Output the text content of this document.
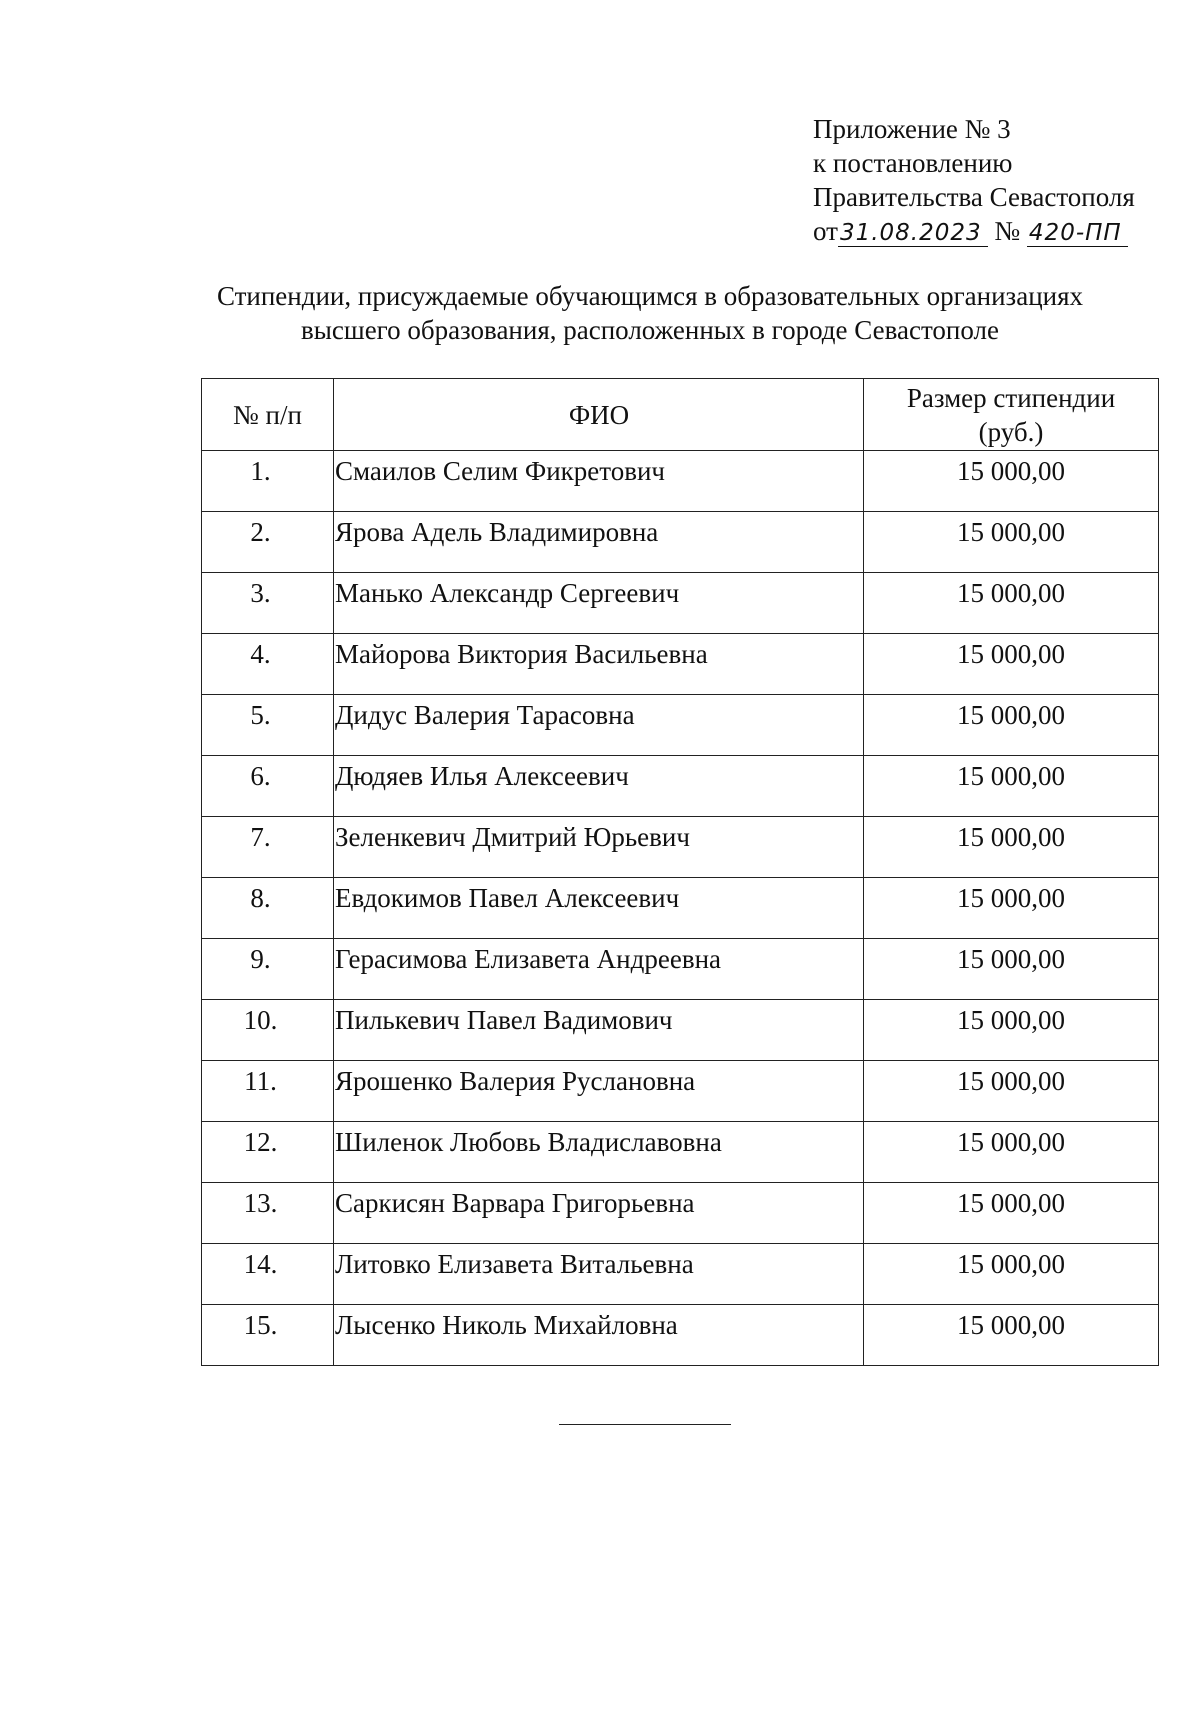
Приложение № 3
к постановлению
Правительства Севастополя
от31.08.2023 № 420-ПП
Стипендии, присуждаемые обучающимся в образовательных организациях
высшего образования, расположенных в городе Севастополе
№ п/п	ФИО	Размер стипендии
(руб.)

1.	Смаилов Селим Фикретович	15 000,00
2.	Ярова Адель Владимировна	15 000,00
3.	Манько Александр Сергеевич	15 000,00
4.	Майорова Виктория Васильевна	15 000,00
5.	Дидус Валерия Тарасовна	15 000,00
6.	Дюдяев Илья Алексеевич	15 000,00
7.	Зеленкевич Дмитрий Юрьевич	15 000,00
8.	Евдокимов Павел Алексеевич	15 000,00
9.	Герасимова Елизавета Андреевна	15 000,00
10.	Пилькевич Павел Вадимович	15 000,00
11.	Ярошенко Валерия Руслановна	15 000,00
12.	Шиленок Любовь Владиславовна	15 000,00
13.	Саркисян Варвара Григорьевна	15 000,00
14.	Литовко Елизавета Витальевна	15 000,00
15.	Лысенко Николь Михайловна	15 000,00
